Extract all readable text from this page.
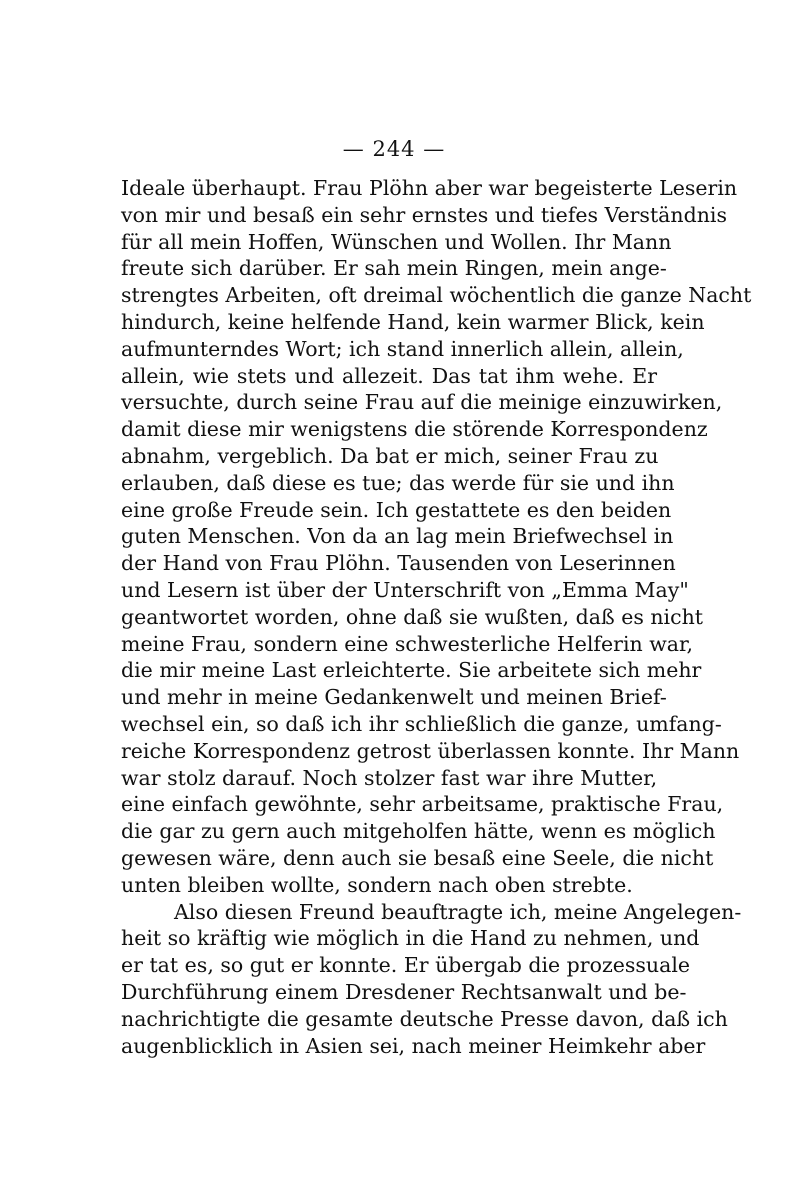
— 244 —
Ideale überhaupt. Frau Plöhn aber war begeisterte Leserin
von mir und besaß ein sehr ernstes und tiefes Verständnis
für all mein Hoffen, Wünschen und Wollen. Ihr Mann
freute sich darüber. Er sah mein Ringen, mein ange-
strengtes Arbeiten, oft dreimal wöchentlich die ganze Nacht
hindurch, keine helfende Hand, kein warmer Blick, kein
aufmunterndes Wort; ich stand innerlich allein, allein,
allein, wie stets und allezeit. Das tat ihm wehe. Er
versuchte, durch seine Frau auf die meinige einzuwirken,
damit diese mir wenigstens die störende Korrespondenz
abnahm, vergeblich. Da bat er mich, seiner Frau zu
erlauben, daß diese es tue; das werde für sie und ihn
eine große Freude sein. Ich gestattete es den beiden
guten Menschen. Von da an lag mein Briefwechsel in
der Hand von Frau Plöhn. Tausenden von Leserinnen
und Lesern ist über der Unterschrift von „Emma May"
geantwortet worden, ohne daß sie wußten, daß es nicht
meine Frau, sondern eine schwesterliche Helferin war,
die mir meine Last erleichterte. Sie arbeitete sich mehr
und mehr in meine Gedankenwelt und meinen Brief-
wechsel ein, so daß ich ihr schließlich die ganze, umfang-
reiche Korrespondenz getrost überlassen konnte. Ihr Mann
war stolz darauf. Noch stolzer fast war ihre Mutter,
eine einfach gewöhnte, sehr arbeitsame, praktische Frau,
die gar zu gern auch mitgeholfen hätte, wenn es möglich
gewesen wäre, denn auch sie besaß eine Seele, die nicht
unten bleiben wollte, sondern nach oben strebte.
Also diesen Freund beauftragte ich, meine Angelegen-
heit so kräftig wie möglich in die Hand zu nehmen, und
er tat es, so gut er konnte. Er übergab die prozessuale
Durchführung einem Dresdener Rechtsanwalt und be-
nachrichtigte die gesamte deutsche Presse davon, daß ich
augenblicklich in Asien sei, nach meiner Heimkehr aber
